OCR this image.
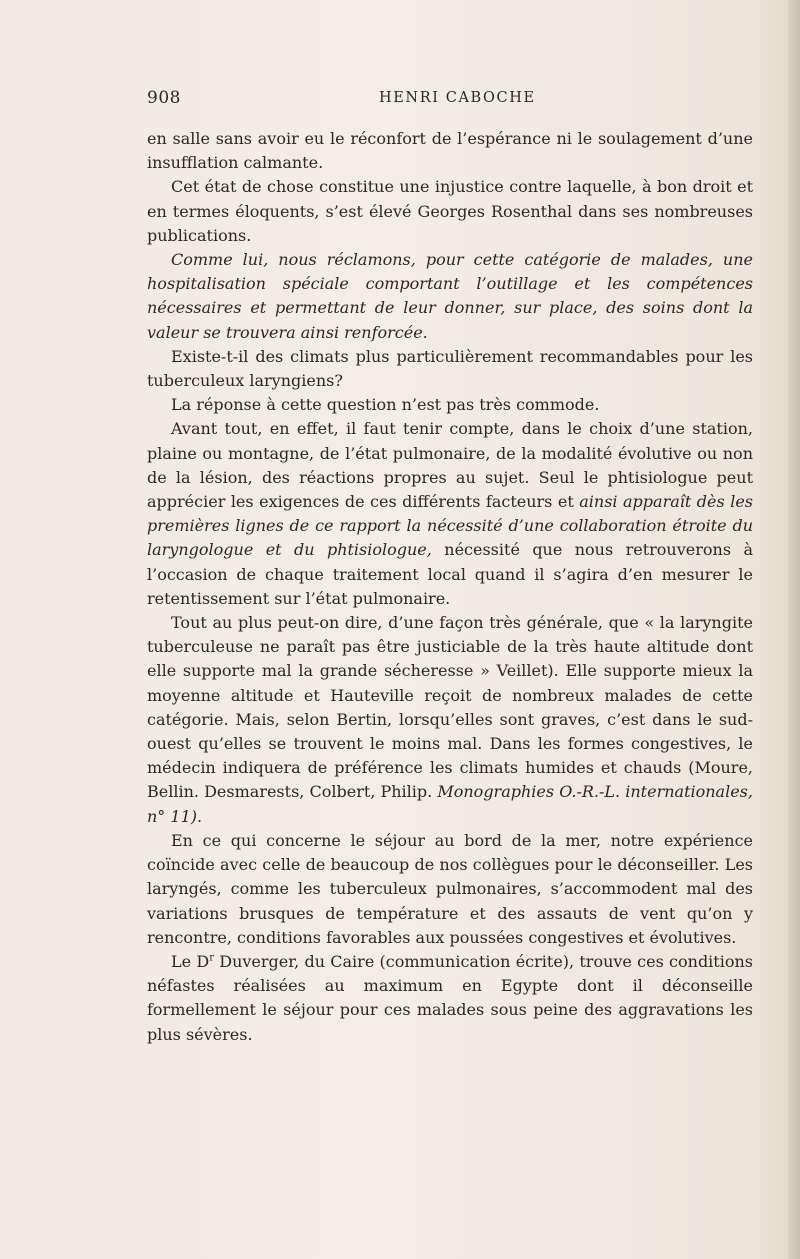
908	HENRI CABOCHE

en salle sans avoir eu le réconfort de l’espérance ni le soulagement d’une insufflation calmante.

Cet état de chose constitue une injustice contre laquelle, à bon droit et en termes éloquents, s’est élevé Georges Rosenthal dans ses nombreuses publications.

Comme lui, nous réclamons, pour cette catégorie de malades, une hospitalisation spéciale comportant l’outillage et les compétences nécessaires et permettant de leur donner, sur place, des soins dont la valeur se trouvera ainsi renforcée.

Existe-t-il des climats plus particulièrement recommandables pour les tuberculeux laryngiens?

La réponse à cette question n’est pas très commode.

Avant tout, en effet, il faut tenir compte, dans le choix d’une station, plaine ou montagne, de l’état pulmonaire, de la modalité évolutive ou non de la lésion, des réactions propres au sujet. Seul le phtisiologue peut apprécier les exigences de ces différents facteurs et ainsi apparaît dès les premières lignes de ce rapport la nécessité d’une collaboration étroite du laryngologue et du phtisiologue, nécessité que nous retrouverons à l’occasion de chaque traitement local quand il s’agira d’en mesurer le retentissement sur l’état pulmonaire.

Tout au plus peut-on dire, d’une façon très générale, que « la laryngite tuberculeuse ne paraît pas être justiciable de la très haute altitude dont elle supporte mal la grande sécheresse » Veillet). Elle supporte mieux la moyenne altitude et Hauteville reçoit de nombreux malades de cette catégorie. Mais, selon Bertin, lorsqu’elles sont graves, c’est dans le sud-ouest qu’elles se trouvent le moins mal. Dans les formes congestives, le médecin indiquera de préférence les climats humides et chauds (Moure, Bellin. Desmarests, Colbert, Philip. Monographies O.-R.-L. internationales, n° 11).

En ce qui concerne le séjour au bord de la mer, notre expérience coïncide avec celle de beaucoup de nos collègues pour le déconseiller. Les laryngés, comme les tuberculeux pulmonaires, s’accommodent mal des variations brusques de température et des assauts de vent qu’on y rencontre, conditions favorables aux poussées congestives et évolutives.

Le $D^r$ Duverger, du Caire (communication écrite), trouve ces conditions néfastes réalisées au maximum en Egypte dont il déconseille formellement le séjour pour ces malades sous peine des aggravations les plus sévères.
